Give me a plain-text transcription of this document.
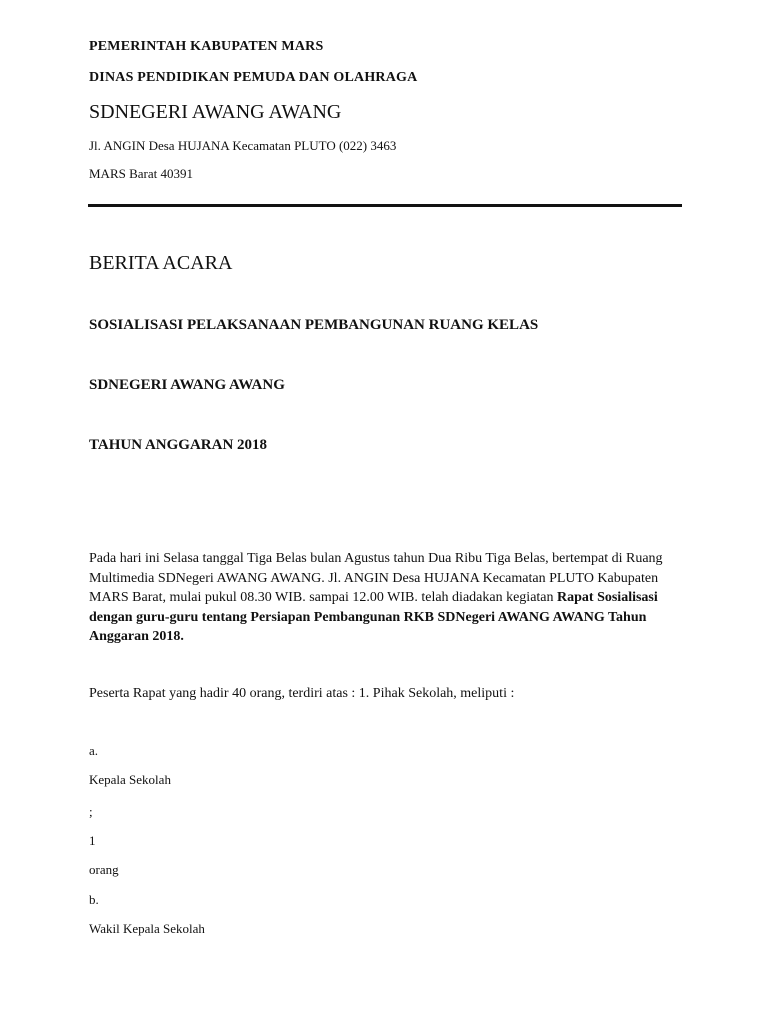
PEMERINTAH KABUPATEN MARS

DINAS PENDIDIKAN PEMUDA DAN OLAHRAGA

SDNEGERI AWANG AWANG

Jl. ANGIN Desa HUJANA Kecamatan PLUTO (022) 3463

MARS Barat 40391

BERITA ACARA

SOSIALISASI PELAKSANAAN PEMBANGUNAN RUANG KELAS

SDNEGERI AWANG AWANG

TAHUN ANGGARAN 2018

Pada hari ini Selasa tanggal Tiga Belas bulan Agustus tahun Dua Ribu Tiga Belas, bertempat di Ruang Multimedia SDNegeri AWANG AWANG. Jl. ANGIN Desa HUJANA Kecamatan PLUTO Kabupaten MARS Barat, mulai pukul 08.30 WIB. sampai 12.00 WIB. telah diadakan kegiatan Rapat Sosialisasi dengan guru-guru tentang Persiapan Pembangunan RKB SDNegeri AWANG AWANG Tahun Anggaran 2018.

Peserta Rapat yang hadir 40 orang, terdiri atas : 1. Pihak Sekolah, meliputi :

a.

Kepala Sekolah

;

1

orang

b.

Wakil Kepala Sekolah
